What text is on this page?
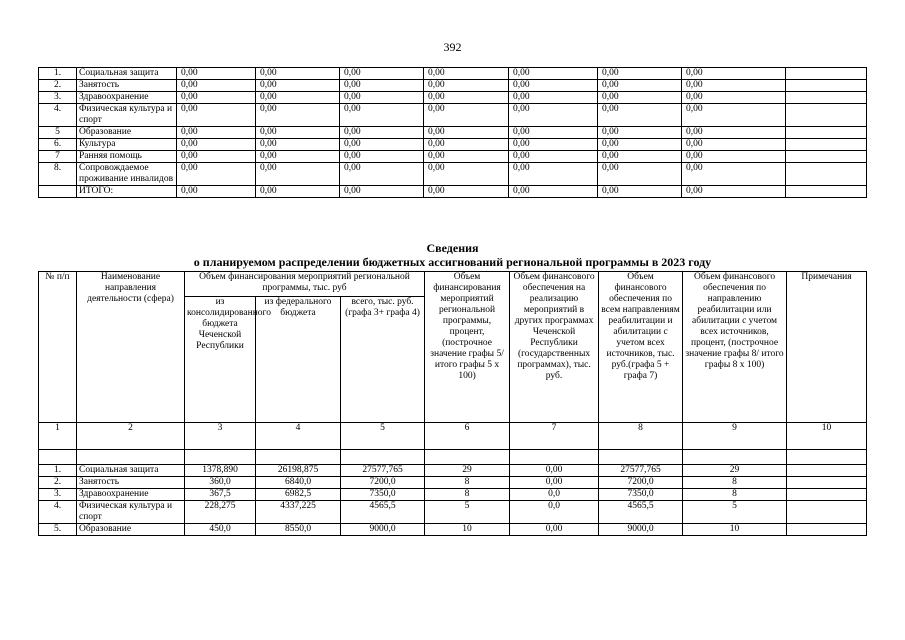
392
1.	Социальная защита	0,00	0,00	0,00	0,00	0,00	0,00	0,00	
2.	Занятость	0,00	0,00	0,00	0,00	0,00	0,00	0,00	
3.	Здравоохранение	0,00	0,00	0,00	0,00	0,00	0,00	0,00	
4.	Физическая культура и спорт	0,00	0,00	0,00	0,00	0,00	0,00	0,00	
5	Образование	0,00	0,00	0,00	0,00	0,00	0,00	0,00	
6.	Культура	0,00	0,00	0,00	0,00	0,00	0,00	0,00	
7	Ранняя помощь	0,00	0,00	0,00	0,00	0,00	0,00	0,00	
8.	Сопровождаемое проживание инвалидов	0,00	0,00	0,00	0,00	0,00	0,00	0,00	
	ИТОГО:	0,00	0,00	0,00	0,00	0,00	0,00	0,00	
Сведения
о планируемом распределении бюджетных ассигнований региональной программы в 2023 году
№ п/п	Наименование направления деятельности (сфера)	Объем финансирования мероприятий региональной программы, тыс. руб			Объем финансирования мероприятий региональной программы, процент, (построчное значение графы 5/ итого графы 5 х 100)	Объем финансового обеспечения на реализацию мероприятий в других программах Чеченской Республики (государственных программах), тыс. руб.	Объем финансового обеспечения по всем направлениям реабилитации и абилитации с учетом всех источников, тыс. руб.(графа 5 + графа 7)	Объем финансового обеспечения по направлению реабилитации или абилитации с учетом всех источников, процент, (построчное значение графы 8/ итого графы 8 х 100)	Примечания
		из консолидированного бюджета Чеченской Республики	из федерального бюджета	всего, тыс. руб. (графа 3+ графа 4)					
1	2	3	4	5	6	7	8	9	10

1.	Социальная защита	1378,890	26198,875	27577,765	29	0,00	27577,765	29	
2.	Занятость	360,0	6840,0	7200,0	8	0,00	7200,0	8	
3.	Здравоохранение	367,5	6982,5	7350,0	8	0,0	7350,0	8	
4.	Физическая культура и спорт	228,275	4337,225	4565,5	5	0,0	4565,5	5	
5.	Образование	450,0	8550,0	9000,0	10	0,00	9000,0	10	
